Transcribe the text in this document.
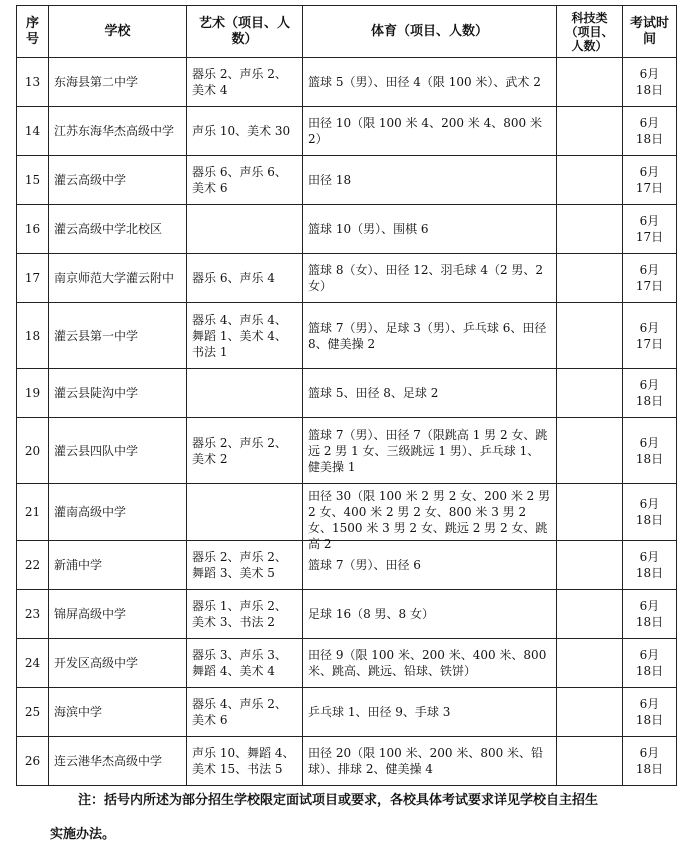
序号	学校	艺术（项目、人数）	体育（项目、人数）	科技类（项目、人数）	考试时间

13	东海县第二中学	器乐 2、声乐 2、美术 4	篮球 5（男）、田径 4（限 100 米）、武术 2		6月18日

14	江苏东海华杰高级中学	声乐 10、美术 30	田径 10（限 100 米 4、200 米 4、800 米 2）		6月18日

15	灌云高级中学	器乐 6、声乐 6、美术 6	田径 18		6月17日

16	灌云高级中学北校区		篮球 10（男）、围棋 6		6月17日

17	南京师范大学灌云附中	器乐 6、声乐 4	篮球 8（女）、田径 12、羽毛球 4（2 男、2 女）		6月17日

18	灌云县第一中学	器乐 4、声乐 4、舞蹈 1、美术 4、书法 1	篮球 7（男）、足球 3（男）、乒乓球 6、田径 8、健美操 2		6月17日

19	灌云县陡沟中学		篮球 5、田径 8、足球 2		6月18日

20	灌云县四队中学	器乐 2、声乐 2、美术 2	篮球 7（男）、田径 7（限跳高 1 男 2 女、跳远 2 男 1 女、三级跳远 1 男）、乒乓球 1、健美操 1		6月18日

21	灌南高级中学		田径 30（限 100 米 2 男 2 女、200 米 2 男 2 女、400 米 2 男 2 女、800 米 3 男 2 女、1500 米 3 男 2 女、跳远 2 男 2 女、跳高 2		6月18日

22	新浦中学	器乐 2、声乐 2、舞蹈 3、美术 5	篮球 7（男）、田径 6		6月18日

23	锦屏高级中学	器乐 1、声乐 2、美术 3、书法 2	足球 16（8 男、8 女）		6月18日

24	开发区高级中学	器乐 3、声乐 3、舞蹈 4、美术 4	田径 9（限 100 米、200 米、400 米、800 米、跳高、跳远、铅球、铁饼）		6月18日

25	海滨中学	器乐 4、声乐 2、美术 6	乒乓球 1、田径 9、手球 3		6月18日

26	连云港华杰高级中学	声乐 10、舞蹈 4、美术 15、书法 5	田径 20（限 100 米、200 米、800 米、铅球）、排球 2、健美操 4		6月18日
注：括号内所述为部分招生学校限定面试项目或要求，各校具体考试要求详见学校自主招生
实施办法。
